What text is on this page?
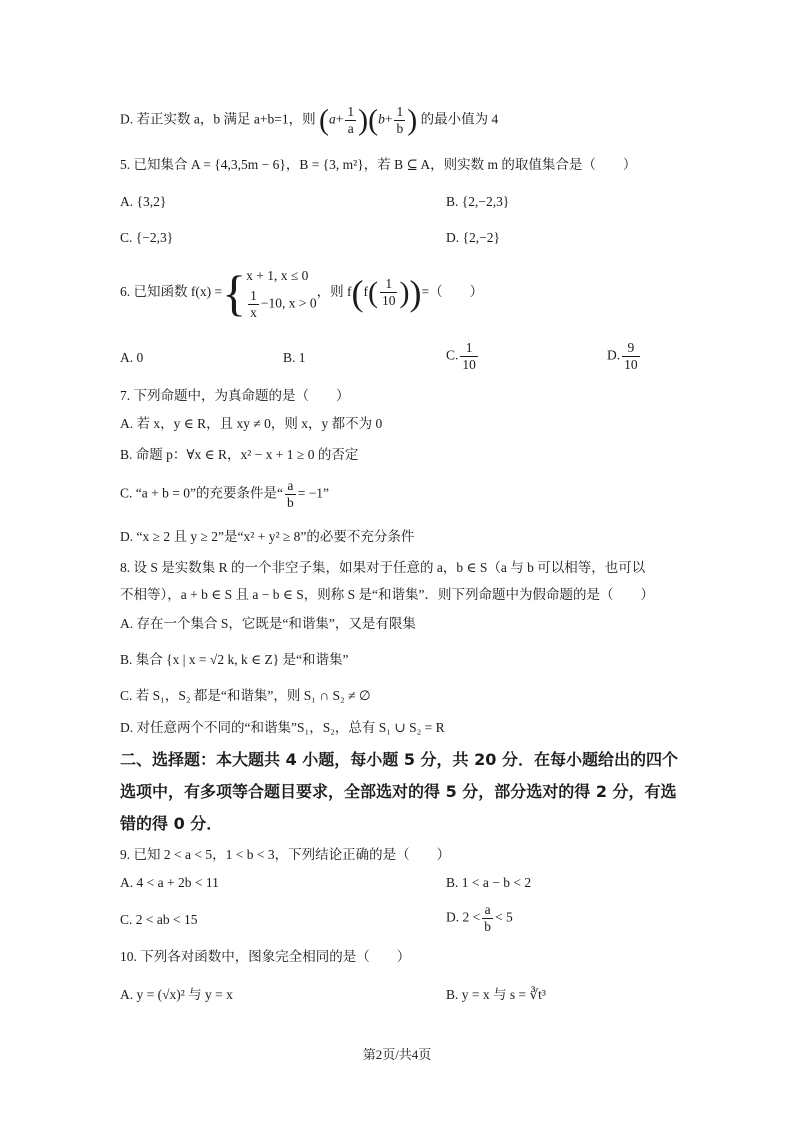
D. 若正实数 a，b 满足 a+b=1，则 $(a+ \frac{1}{a} )(b+ \frac{1}{b}$ ) 的最小值为 4
5. 已知集合 A = {4,3,5m − 6}，B = {3, m²}，若 B ⊆ A，则实数 m 的取值集合是（　　）
A. {3,2}	B. {2,−2,3}
C. {−2,3}	D. {2,−2}
6. 已知函数 f(x) ={ x + 1, x ≤ 0
$\frac{1}{x} -10$, x > 0
，则 $f(f( \frac{1}{10}$ ))=（　　）
A. 0	B. 1	C. $\frac{1}{10}$	D. $\frac{9}{10}$
7. 下列命题中，为真命题的是（　　）
A. 若 x，y ∈ R，且 xy ≠ 0，则 x，y 都不为 0
B. 命题 p：∀x ∈ R，x² − x + 1 ≥ 0 的否定
C. “a + b = 0”的充要条件是“ $\frac{a}{b} = -1$”
D. “x ≥ 2 且 y ≥ 2”是“x² + y² ≥ 8”的必要不充分条件
8. 设 S 是实数集 R 的一个非空子集，如果对于任意的 a，b ∈ S（a 与 b 可以相等，也可以
不相等），a + b ∈ S 且 a − b ∈ S，则称 S 是“和谐集”．则下列命题中为假命题的是（　　）
A. 存在一个集合 S，它既是“和谐集”，又是有限集
B. 集合 {x | x = √2 k, k ∈ Z} 是“和谐集”
C. 若 S₁，S₂ 都是“和谐集”，则 S₁ ∩ S₂ ≠ ∅
D. 对任意两个不同的“和谐集”S₁，S₂，总有 S₁ ∪ S₂ = R
二、选择题：本大题共 4 小题，每小题 5 分，共 20 分．在每小题给出的四个选项中，有多项等合题目要求，全部选对的得 5 分，部分选对的得 2 分，有选错的得 0 分．
9. 已知 2 < a < 5，1 < b < 3，下列结论正确的是（　　）
A. 4 < a + 2b < 11	B. 1 < a − b < 2
C. 2 < ab < 15	D. $2 < \frac{a}{b} < 5$
10. 下列各对函数中，图象完全相同的是（　　）
A. y = (√x)² 与 y = x	B. y = x 与 s = ∛t³
第2页/共4页
